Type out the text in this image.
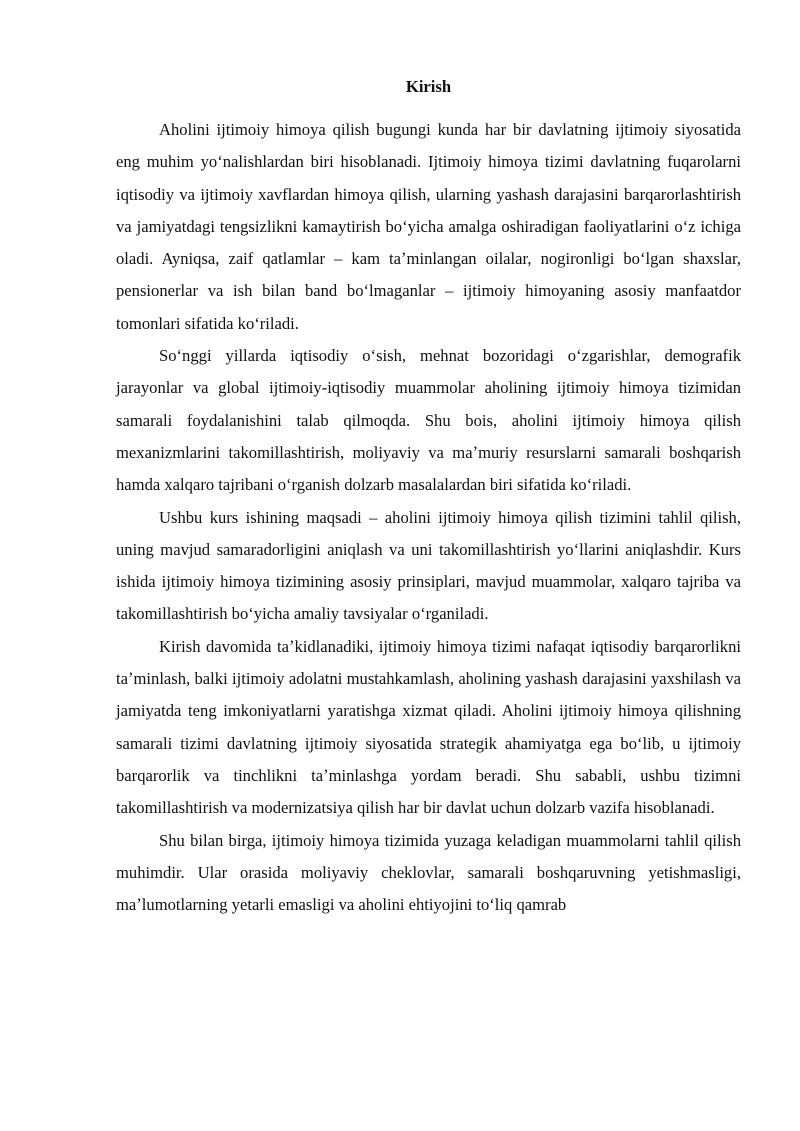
Kirish

Aholini ijtimoiy himoya qilish bugungi kunda har bir davlatning ijtimoiy siyosatida eng muhim yoʻnalishlardan biri hisoblanadi. Ijtimoiy himoya tizimi davlatning fuqarolarni iqtisodiy va ijtimoiy xavflardan himoya qilish, ularning yashash darajasini barqarorlashtirish va jamiyatdagi tengsizlikni kamaytirish boʻyicha amalga oshiradigan faoliyatlarini oʻz ichiga oladi. Ayniqsa, zaif qatlamlar – kam taʼminlangan oilalar, nogironligi boʻlgan shaxslar, pensionerlar va ish bilan band boʻlmaganlar – ijtimoiy himoyaning asosiy manfaatdor tomonlari sifatida koʻriladi.

Soʻnggi yillarda iqtisodiy oʻsish, mehnat bozoridagi oʻzgarishlar, demografik jarayonlar va global ijtimoiy-iqtisodiy muammolar aholining ijtimoiy himoya tizimidan samarali foydalanishini talab qilmoqda. Shu bois, aholini ijtimoiy himoya qilish mexanizmlarini takomillashtirish, moliyaviy va maʼmuriy resurslarni samarali boshqarish hamda xalqaro tajribani oʻrganish dolzarb masalalardan biri sifatida koʻriladi.

Ushbu kurs ishining maqsadi – aholini ijtimoiy himoya qilish tizimini tahlil qilish, uning mavjud samaradorligini aniqlash va uni takomillashtirish yoʻllarini aniqlashdir. Kurs ishida ijtimoiy himoya tizimining asosiy prinsiplari, mavjud muammolar, xalqaro tajriba va takomillashtirish boʻyicha amaliy tavsiyalar oʻrganiladi.

Kirish davomida taʼkidlanadiki, ijtimoiy himoya tizimi nafaqat iqtisodiy barqarorlikni taʼminlash, balki ijtimoiy adolatni mustahkamlash, aholining yashash darajasini yaxshilash va jamiyatda teng imkoniyatlarni yaratishga xizmat qiladi. Aholini ijtimoiy himoya qilishning samarali tizimi davlatning ijtimoiy siyosatida strategik ahamiyatga ega boʻlib, u ijtimoiy barqarorlik va tinchlikni taʼminlashga yordam beradi. Shu sababli, ushbu tizimni takomillashtirish va modernizatsiya qilish har bir davlat uchun dolzarb vazifa hisoblanadi.

Shu bilan birga, ijtimoiy himoya tizimida yuzaga keladigan muammolarni tahlil qilish muhimdir. Ular orasida moliyaviy cheklovlar, samarali boshqaruvning yetishmasligi, maʼlumotlarning yetarli emasligi va aholini ehtiyojini toʻliq qamrab
